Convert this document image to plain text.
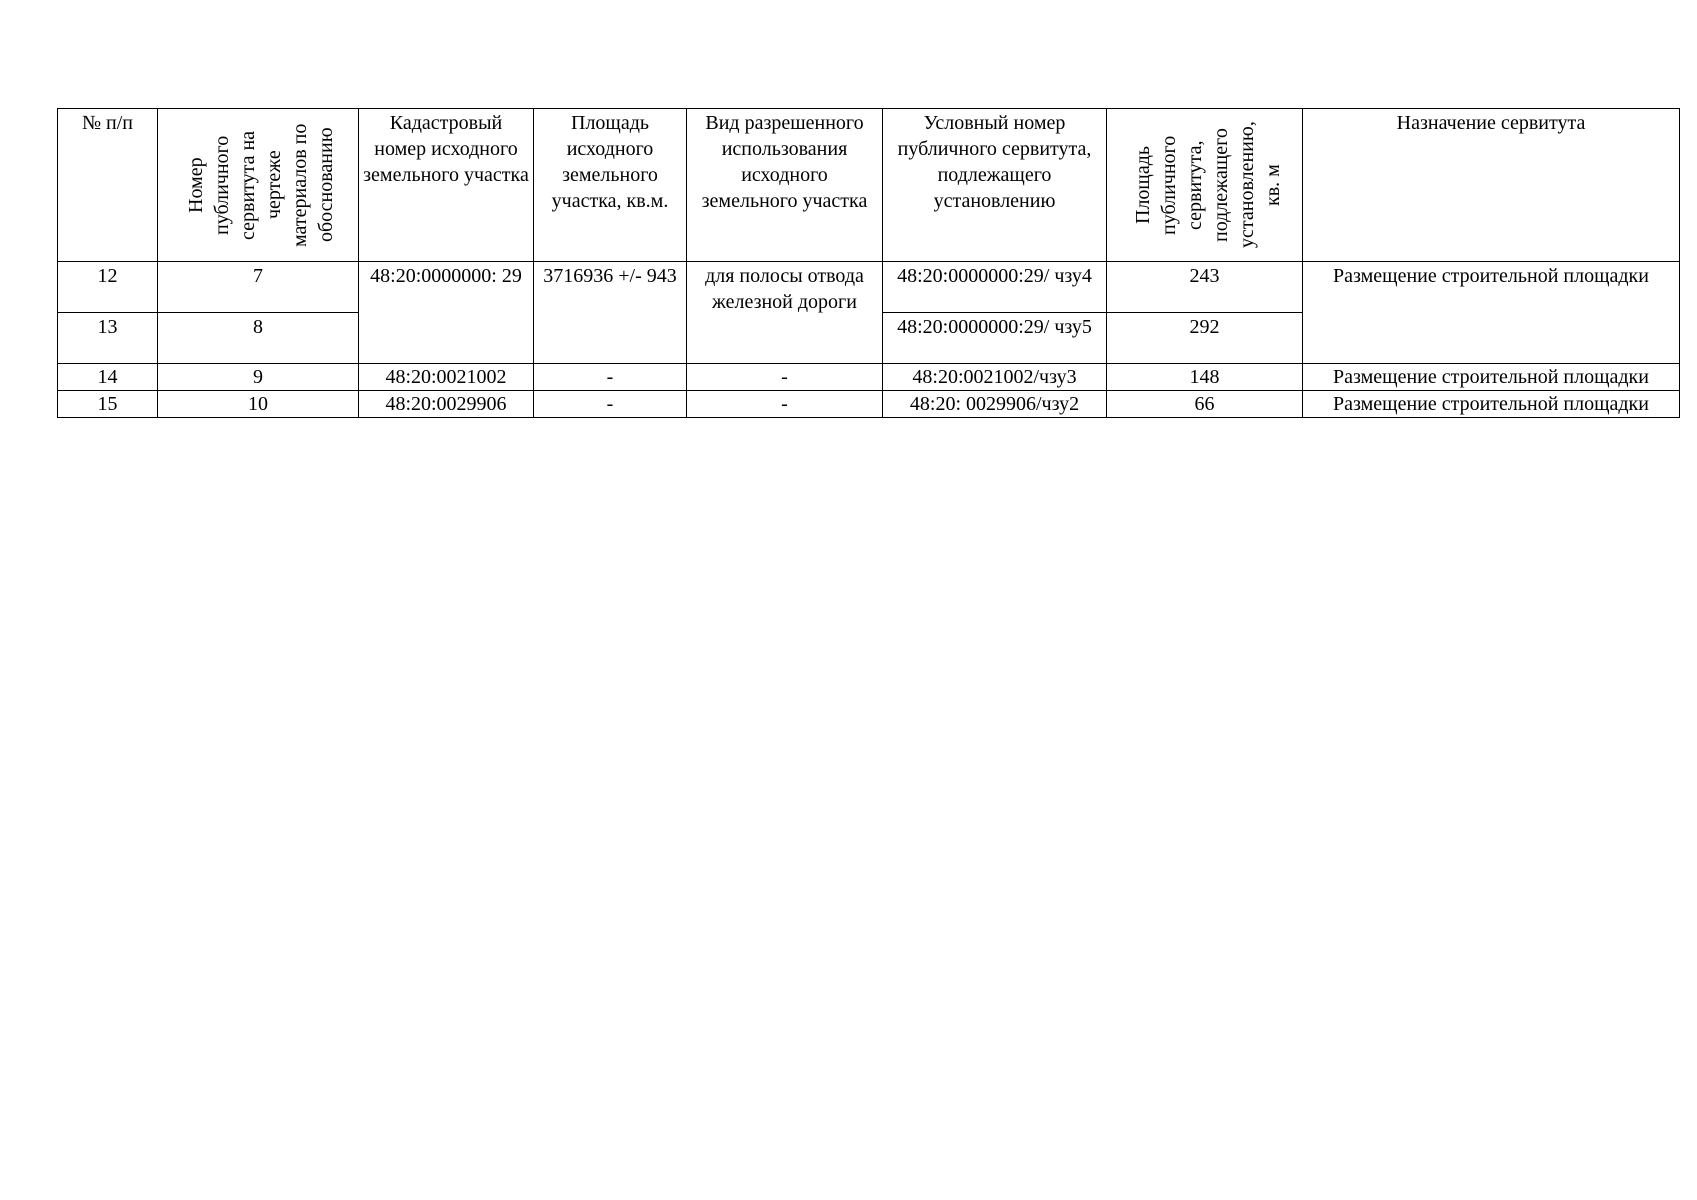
№ п/п	Номер публичного сервитута на чертеже материалов по обоснованию	Кадастровый номер исходного земельного участка	Площадь исходного земельного участка, кв.м.	Вид разрешенного использования исходного земельного участка	Условный номер публичного сервитута, подлежащего установлению	Площадь публичного сервитута, подлежащего установлению, кв. м	Назначение сервитута
12	7	48:20:0000000: 29	3716936 +/- 943	для полосы отвода железной дороги	48:20:0000000:29/ чзу4	243	Размещение строительной площадки
13	8				48:20:0000000:29/ чзу5	292	
14	9	48:20:0021002	-	-	48:20:0021002/чзу3	148	Размещение строительной площадки
15	10	48:20:0029906	-	-	48:20: 0029906/чзу2	66	Размещение строительной площадки
